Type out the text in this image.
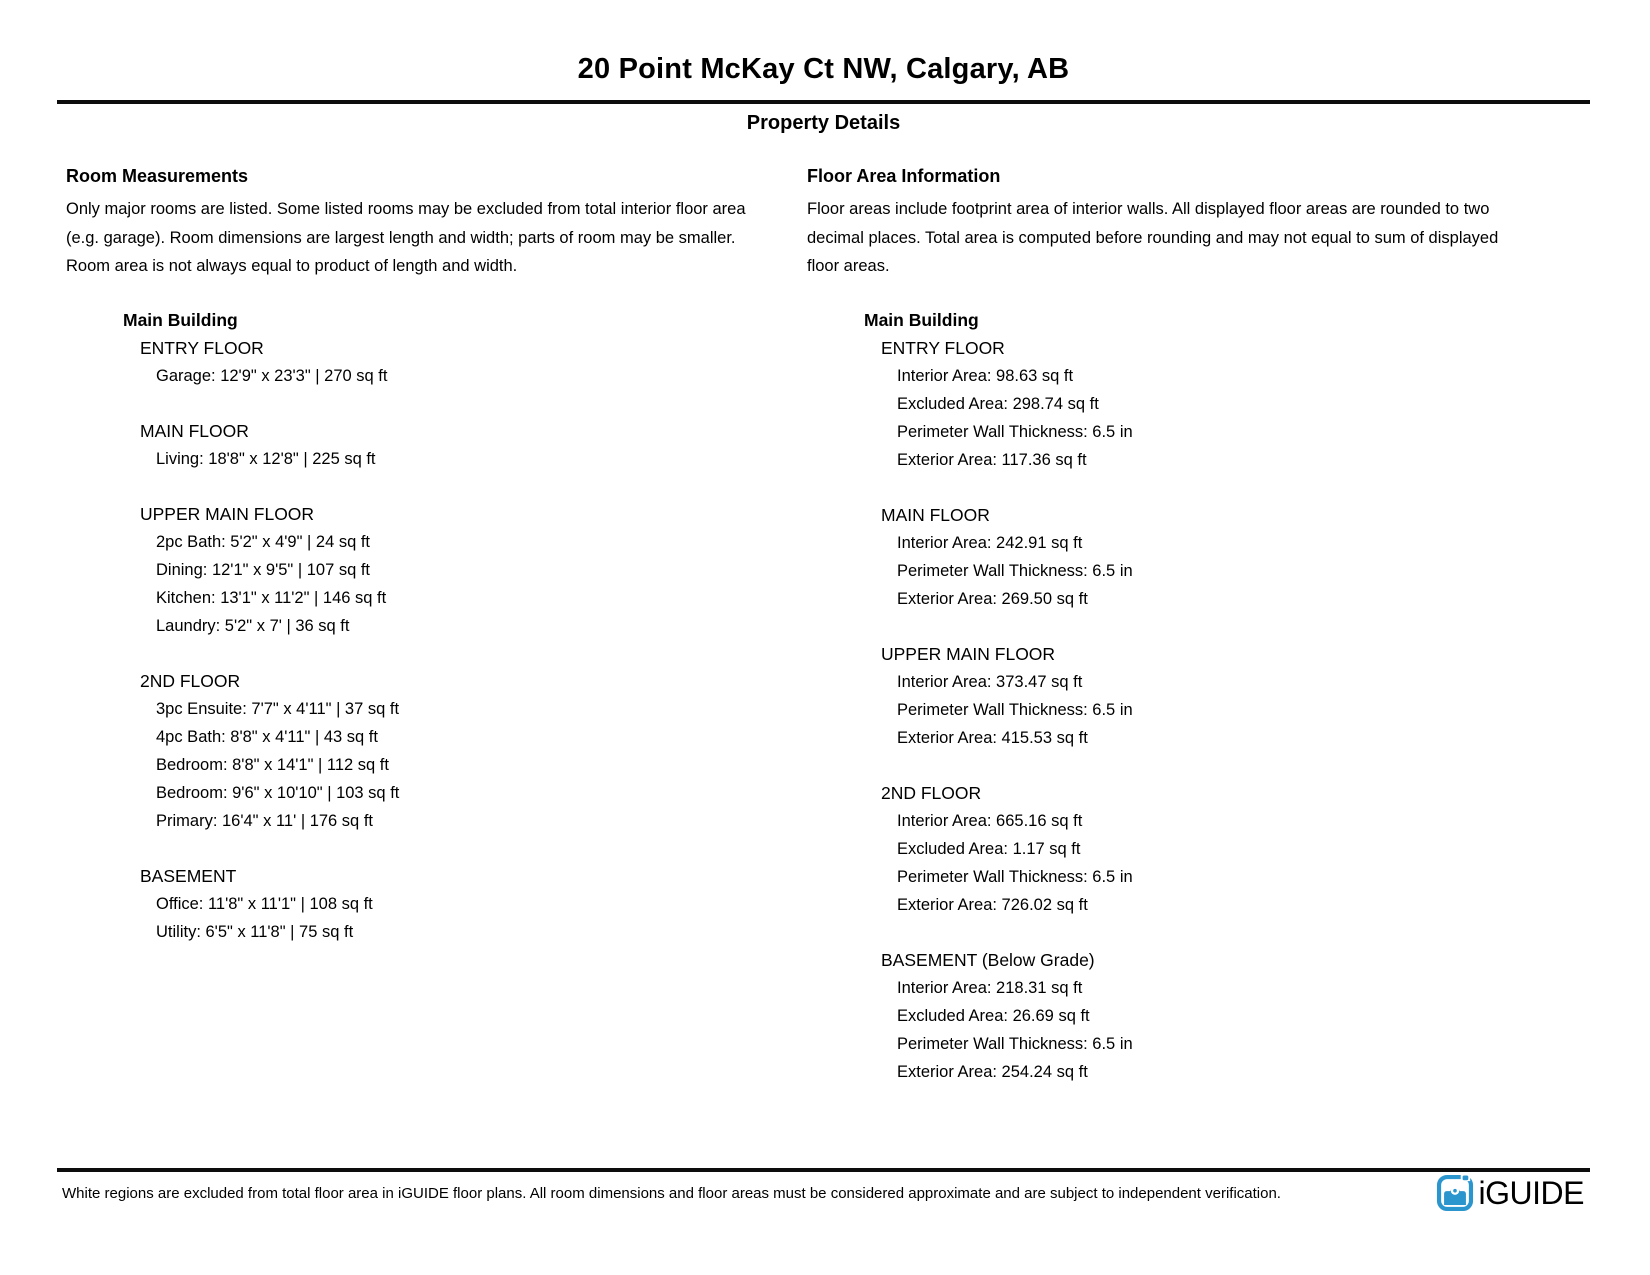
20 Point McKay Ct NW, Calgary, AB
Property Details
Room Measurements
Only major rooms are listed. Some listed rooms may be excluded from total interior floor area
(e.g. garage). Room dimensions are largest length and width; parts of room may be smaller.
Room area is not always equal to product of length and width.
Main Building
ENTRY FLOOR
Garage: 12'9" x 23'3" | 270 sq ft
MAIN FLOOR
Living: 18'8" x 12'8" | 225 sq ft
UPPER MAIN FLOOR
2pc Bath: 5'2" x 4'9" | 24 sq ft
Dining: 12'1" x 9'5" | 107 sq ft
Kitchen: 13'1" x 11'2" | 146 sq ft
Laundry: 5'2" x 7' | 36 sq ft
2ND FLOOR
3pc Ensuite: 7'7" x 4'11" | 37 sq ft
4pc Bath: 8'8" x 4'11" | 43 sq ft
Bedroom: 8'8" x 14'1" | 112 sq ft
Bedroom: 9'6" x 10'10" | 103 sq ft
Primary: 16'4" x 11' | 176 sq ft
BASEMENT
Office: 11'8" x 11'1" | 108 sq ft
Utility: 6'5" x 11'8" | 75 sq ft
Floor Area Information
Floor areas include footprint area of interior walls. All displayed floor areas are rounded to two
decimal places. Total area is computed before rounding and may not equal to sum of displayed
floor areas.
Main Building
ENTRY FLOOR
Interior Area: 98.63 sq ft
Excluded Area: 298.74 sq ft
Perimeter Wall Thickness: 6.5 in
Exterior Area: 117.36 sq ft
MAIN FLOOR
Interior Area: 242.91 sq ft
Perimeter Wall Thickness: 6.5 in
Exterior Area: 269.50 sq ft
UPPER MAIN FLOOR
Interior Area: 373.47 sq ft
Perimeter Wall Thickness: 6.5 in
Exterior Area: 415.53 sq ft
2ND FLOOR
Interior Area: 665.16 sq ft
Excluded Area: 1.17 sq ft
Perimeter Wall Thickness: 6.5 in
Exterior Area: 726.02 sq ft
BASEMENT (Below Grade)
Interior Area: 218.31 sq ft
Excluded Area: 26.69 sq ft
Perimeter Wall Thickness: 6.5 in
Exterior Area: 254.24 sq ft
White regions are excluded from total floor area in iGUIDE floor plans. All room dimensions and floor areas must be considered approximate and are subject to independent verification.	iGUIDE
